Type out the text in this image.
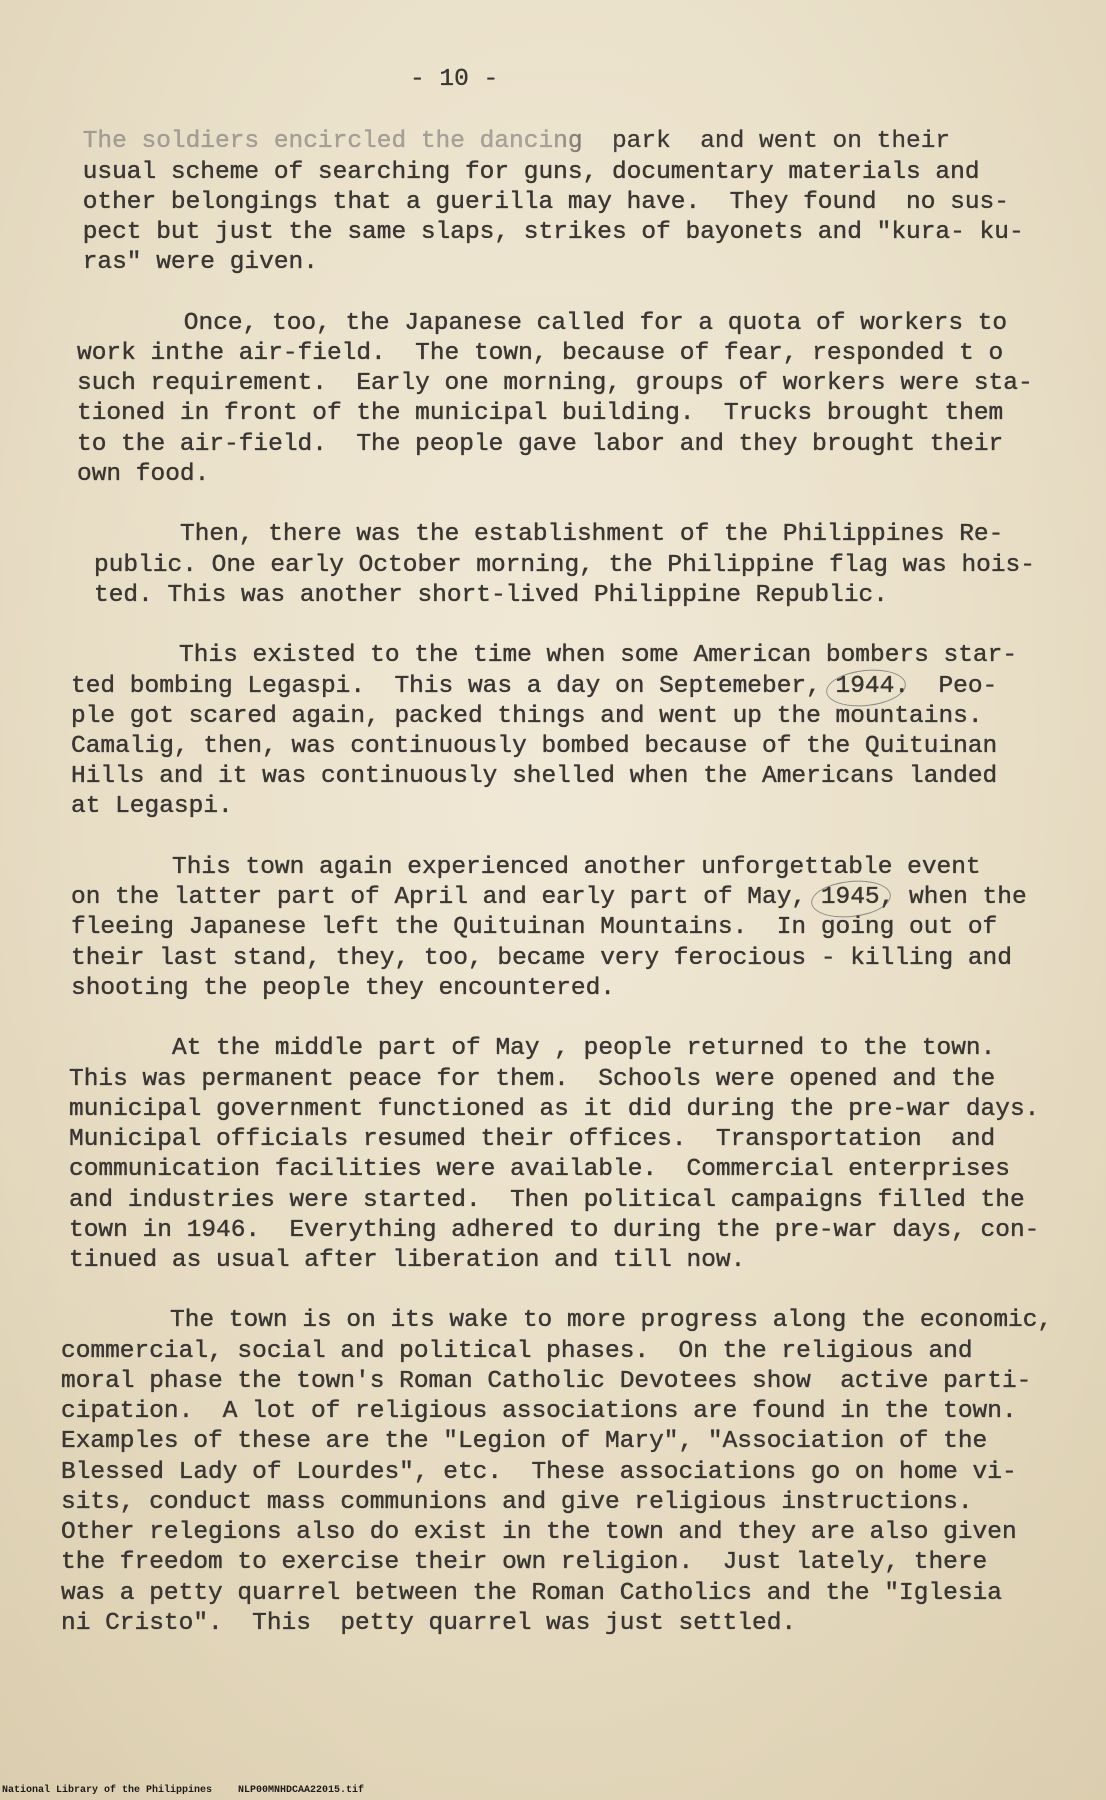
- 10 -
The soldiers encircled the dancing  park  and went on their
usual scheme of searching for guns, documentary materials and
other belongings that a guerilla may have.  They found  no sus-
pect but just the same slaps, strikes of bayonets and "kura- ku-
ras" were given.
Once, too, the Japanese called for a quota of workers to
work inthe air-field.  The town, because of fear, responded t o
such requirement.  Early one morning, groups of workers were sta-
tioned in front of the municipal building.  Trucks brought them
to the air-field.  The people gave labor and they brought their
own food.
Then, there was the establishment of the Philippines Re-
public. One early October morning, the Philippine flag was hois-
ted. This was another short-lived Philippine Republic.
This existed to the time when some American bombers star-
ted bombing Legaspi.  This was a day on Septemeber, 1944.  Peo-
ple got scared again, packed things and went up the mountains.
Camalig, then, was continuously bombed because of the Quituinan
Hills and it was continuously shelled when the Americans landed
at Legaspi.
This town again experienced another unforgettable event
on the latter part of April and early part of May, 1945, when the
fleeing Japanese left the Quituinan Mountains.  In going out of
their last stand, they, too, became very ferocious - killing and
shooting the people they encountered.
At the middle part of May , people returned to the town.
This was permanent peace for them.  Schools were opened and the
municipal government functioned as it did during the pre-war days.
Municipal officials resumed their offices.  Transportation  and
communication facilities were available.  Commercial enterprises
and industries were started.  Then political campaigns filled the
town in 1946.  Everything adhered to during the pre-war days, con-
tinued as usual after liberation and till now.
The town is on its wake to more progress along the economic,
commercial, social and political phases.  On the religious and
moral phase the town's Roman Catholic Devotees show  active parti-
cipation.  A lot of religious associations are found in the town.
Examples of these are the "Legion of Mary", "Association of the
Blessed Lady of Lourdes", etc.  These associations go on home vi-
sits, conduct mass communions and give religious instructions.
Other relegions also do exist in the town and they are also given
the freedom to exercise their own religion.  Just lately, there
was a petty quarrel between the Roman Catholics and the "Iglesia
ni Cristo".  This  petty quarrel was just settled.
National Library of the Philippines	NLP00MNHDCAA22015.tif
